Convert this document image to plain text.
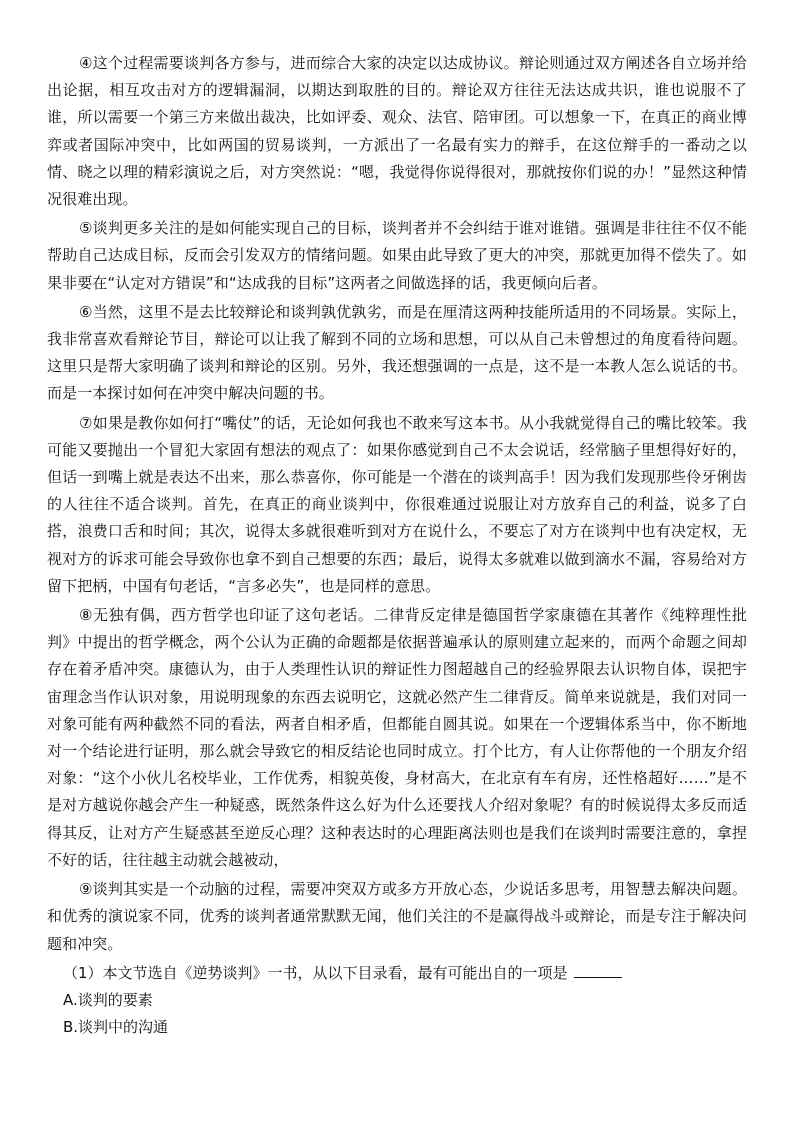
④这个过程需要谈判各方参与，进而综合大家的决定以达成协议。辩论则通过双方阐述各自立场并给出论据，相互攻击对方的逻辑漏洞，以期达到取胜的目的。辩论双方往往无法达成共识，谁也说服不了谁，所以需要一个第三方来做出裁决，比如评委、观众、法官、陪审团。可以想象一下，在真正的商业博弈或者国际冲突中，比如两国的贸易谈判，一方派出了一名最有实力的辩手，在这位辩手的一番动之以情、晓之以理的精彩演说之后，对方突然说：“嗯，我觉得你说得很对，那就按你们说的办！”显然这种情况很难出现。

⑤谈判更多关注的是如何能实现自己的目标，谈判者并不会纠结于谁对谁错。强调是非往往不仅不能帮助自己达成目标，反而会引发双方的情绪问题。如果由此导致了更大的冲突，那就更加得不偿失了。如果非要在“认定对方错误”和“达成我的目标”这两者之间做选择的话，我更倾向后者。

⑥当然，这里不是去比较辩论和谈判孰优孰劣，而是在厘清这两种技能所适用的不同场景。实际上，我非常喜欢看辩论节目，辩论可以让我了解到不同的立场和思想，可以从自己未曾想过的角度看待问题。这里只是帮大家明确了谈判和辩论的区别。另外，我还想强调的一点是，这不是一本教人怎么说话的书。而是一本探讨如何在冲突中解决问题的书。

⑦如果是教你如何打“嘴仗”的话，无论如何我也不敢来写这本书。从小我就觉得自己的嘴比较笨。我可能又要抛出一个冒犯大家固有想法的观点了：如果你感觉到自己不太会说话，经常脑子里想得好好的，但话一到嘴上就是表达不出来，那么恭喜你，你可能是一个潜在的谈判高手！因为我们发现那些伶牙俐齿的人往往不适合谈判。首先，在真正的商业谈判中，你很难通过说服让对方放弃自己的利益，说多了白搭，浪费口舌和时间；其次，说得太多就很难听到对方在说什么，不要忘了对方在谈判中也有决定权，无视对方的诉求可能会导致你也拿不到自己想要的东西；最后，说得太多就难以做到滴水不漏，容易给对方留下把柄，中国有句老话，“言多必失”，也是同样的意思。

⑧无独有偶，西方哲学也印证了这句老话。二律背反定律是德国哲学家康德在其著作《纯粹理性批判》中提出的哲学概念，两个公认为正确的命题都是依据普遍承认的原则建立起来的，而两个命题之间却存在着矛盾冲突。康德认为，由于人类理性认识的辩证性力图超越自己的经验界限去认识物自体，误把宇宙理念当作认识对象，用说明现象的东西去说明它，这就必然产生二律背反。简单来说就是，我们对同一对象可能有两种截然不同的看法，两者自相矛盾，但都能自圆其说。如果在一个逻辑体系当中，你不断地对一个结论进行证明，那么就会导致它的相反结论也同时成立。打个比方，有人让你帮他的一个朋友介绍对象：“这个小伙儿名校毕业，工作优秀，相貌英俊，身材高大，在北京有车有房，还性格超好……”是不是对方越说你越会产生一种疑惑，既然条件这么好为什么还要找人介绍对象呢？有的时候说得太多反而适得其反，让对方产生疑惑甚至逆反心理？这种表达时的心理距离法则也是我们在谈判时需要注意的，拿捏不好的话，往往越主动就会越被动，

⑨谈判其实是一个动脑的过程，需要冲突双方或多方开放心态，少说话多思考，用智慧去解决问题。和优秀的演说家不同，优秀的谈判者通常默默无闻，他们关注的不是赢得战斗或辩论，而是专注于解决问题和冲突。

（1）本文节选自《逆势谈判》一书，从以下目录看，最有可能出自的一项是

A.谈判的要素

B.谈判中的沟通
